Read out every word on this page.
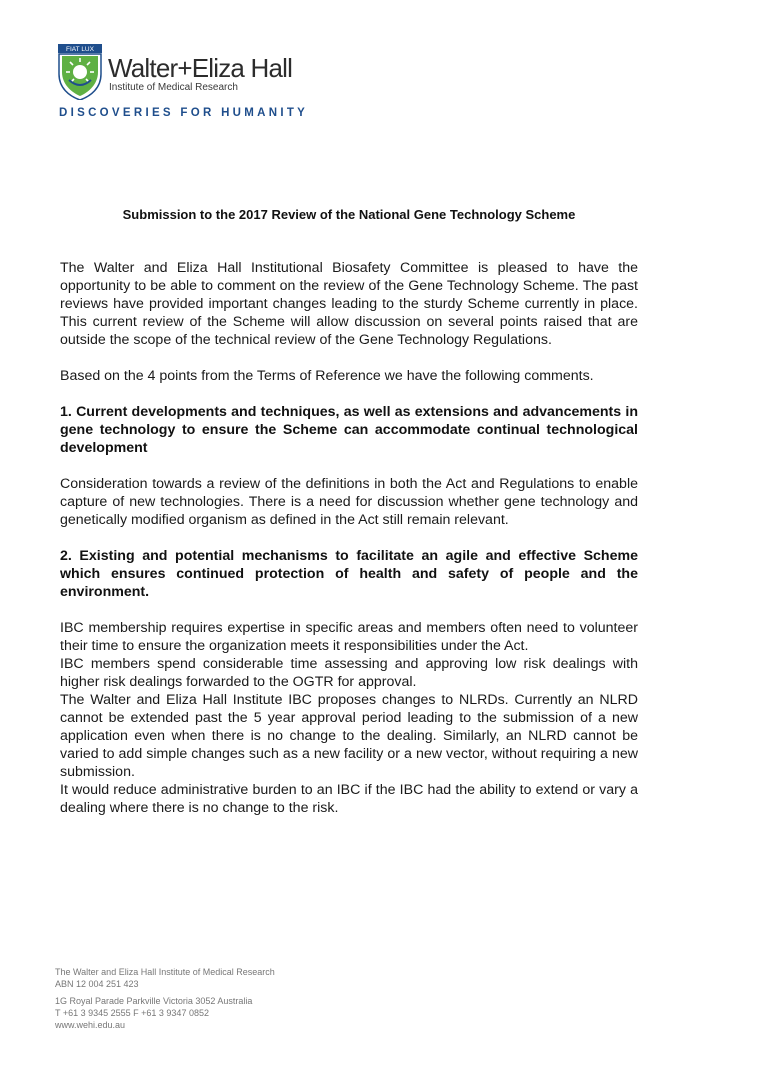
FIAT LUX
Walter+Eliza Hall
Institute of Medical Research
DISCOVERIES FOR HUMANITY
Submission to the 2017 Review of the National Gene Technology Scheme

The Walter and Eliza Hall Institutional Biosafety Committee is pleased to have the opportunity to be able to comment on the review of the Gene Technology Scheme. The past reviews have provided important changes leading to the sturdy Scheme currently in place. This current review of the Scheme will allow discussion on several points raised that are outside the scope of the technical review of the Gene Technology Regulations.

Based on the 4 points from the Terms of Reference we have the following comments.

1. Current developments and techniques, as well as extensions and advancements in gene technology to ensure the Scheme can accommodate continual technological development

Consideration towards a review of the definitions in both the Act and Regulations to enable capture of new technologies. There is a need for discussion whether gene technology and genetically modified organism as defined in the Act still remain relevant.

2. Existing and potential mechanisms to facilitate an agile and effective Scheme which ensures continued protection of health and safety of people and the environment.

IBC membership requires expertise in specific areas and members often need to volunteer their time to ensure the organization meets it responsibilities under the Act.

IBC members spend considerable time assessing and approving low risk dealings with higher risk dealings forwarded to the OGTR for approval.

The Walter and Eliza Hall Institute IBC proposes changes to NLRDs. Currently an NLRD cannot be extended past the 5 year approval period leading to the submission of a new application even when there is no change to the dealing. Similarly, an NLRD cannot be varied to add simple changes such as a new facility or a new vector, without requiring a new submission.

It would reduce administrative burden to an IBC if the IBC had the ability to extend or vary a dealing where there is no change to the risk.

The Walter and Eliza Hall Institute of Medical Research
ABN 12 004 251 423
1G Royal Parade Parkville Victoria 3052 Australia
T +61 3 9345 2555 F +61 3 9347 0852
www.wehi.edu.au
